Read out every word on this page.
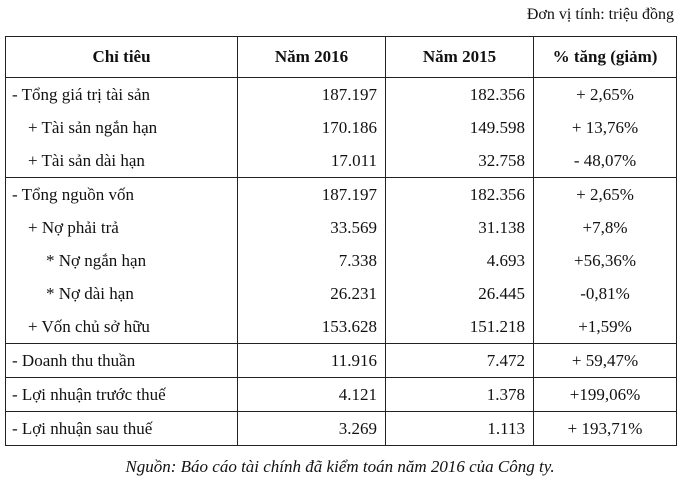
Đơn vị tính: triệu đồng
Chỉ tiêu	Năm 2016	Năm 2015	% tăng (giảm)
- Tổng giá trị tài sản	187.197	182.356	+ 2,65%
+ Tài sản ngắn hạn	170.186	149.598	+ 13,76%
+ Tài sản dài hạn	17.011	32.758	- 48,07%
- Tổng nguồn vốn	187.197	182.356	+ 2,65%
+ Nợ phải trả	33.569	31.138	+7,8%
* Nợ ngắn hạn	7.338	4.693	+56,36%
* Nợ dài hạn	26.231	26.445	-0,81%
+ Vốn chủ sở hữu	153.628	151.218	+1,59%
- Doanh thu thuần	11.916	7.472	+ 59,47%
- Lợi nhuận trước thuế	4.121	1.378	+199,06%
- Lợi nhuận sau thuế	3.269	1.113	+ 193,71%
Nguồn: Báo cáo tài chính đã kiểm toán năm 2016 của Công ty.
